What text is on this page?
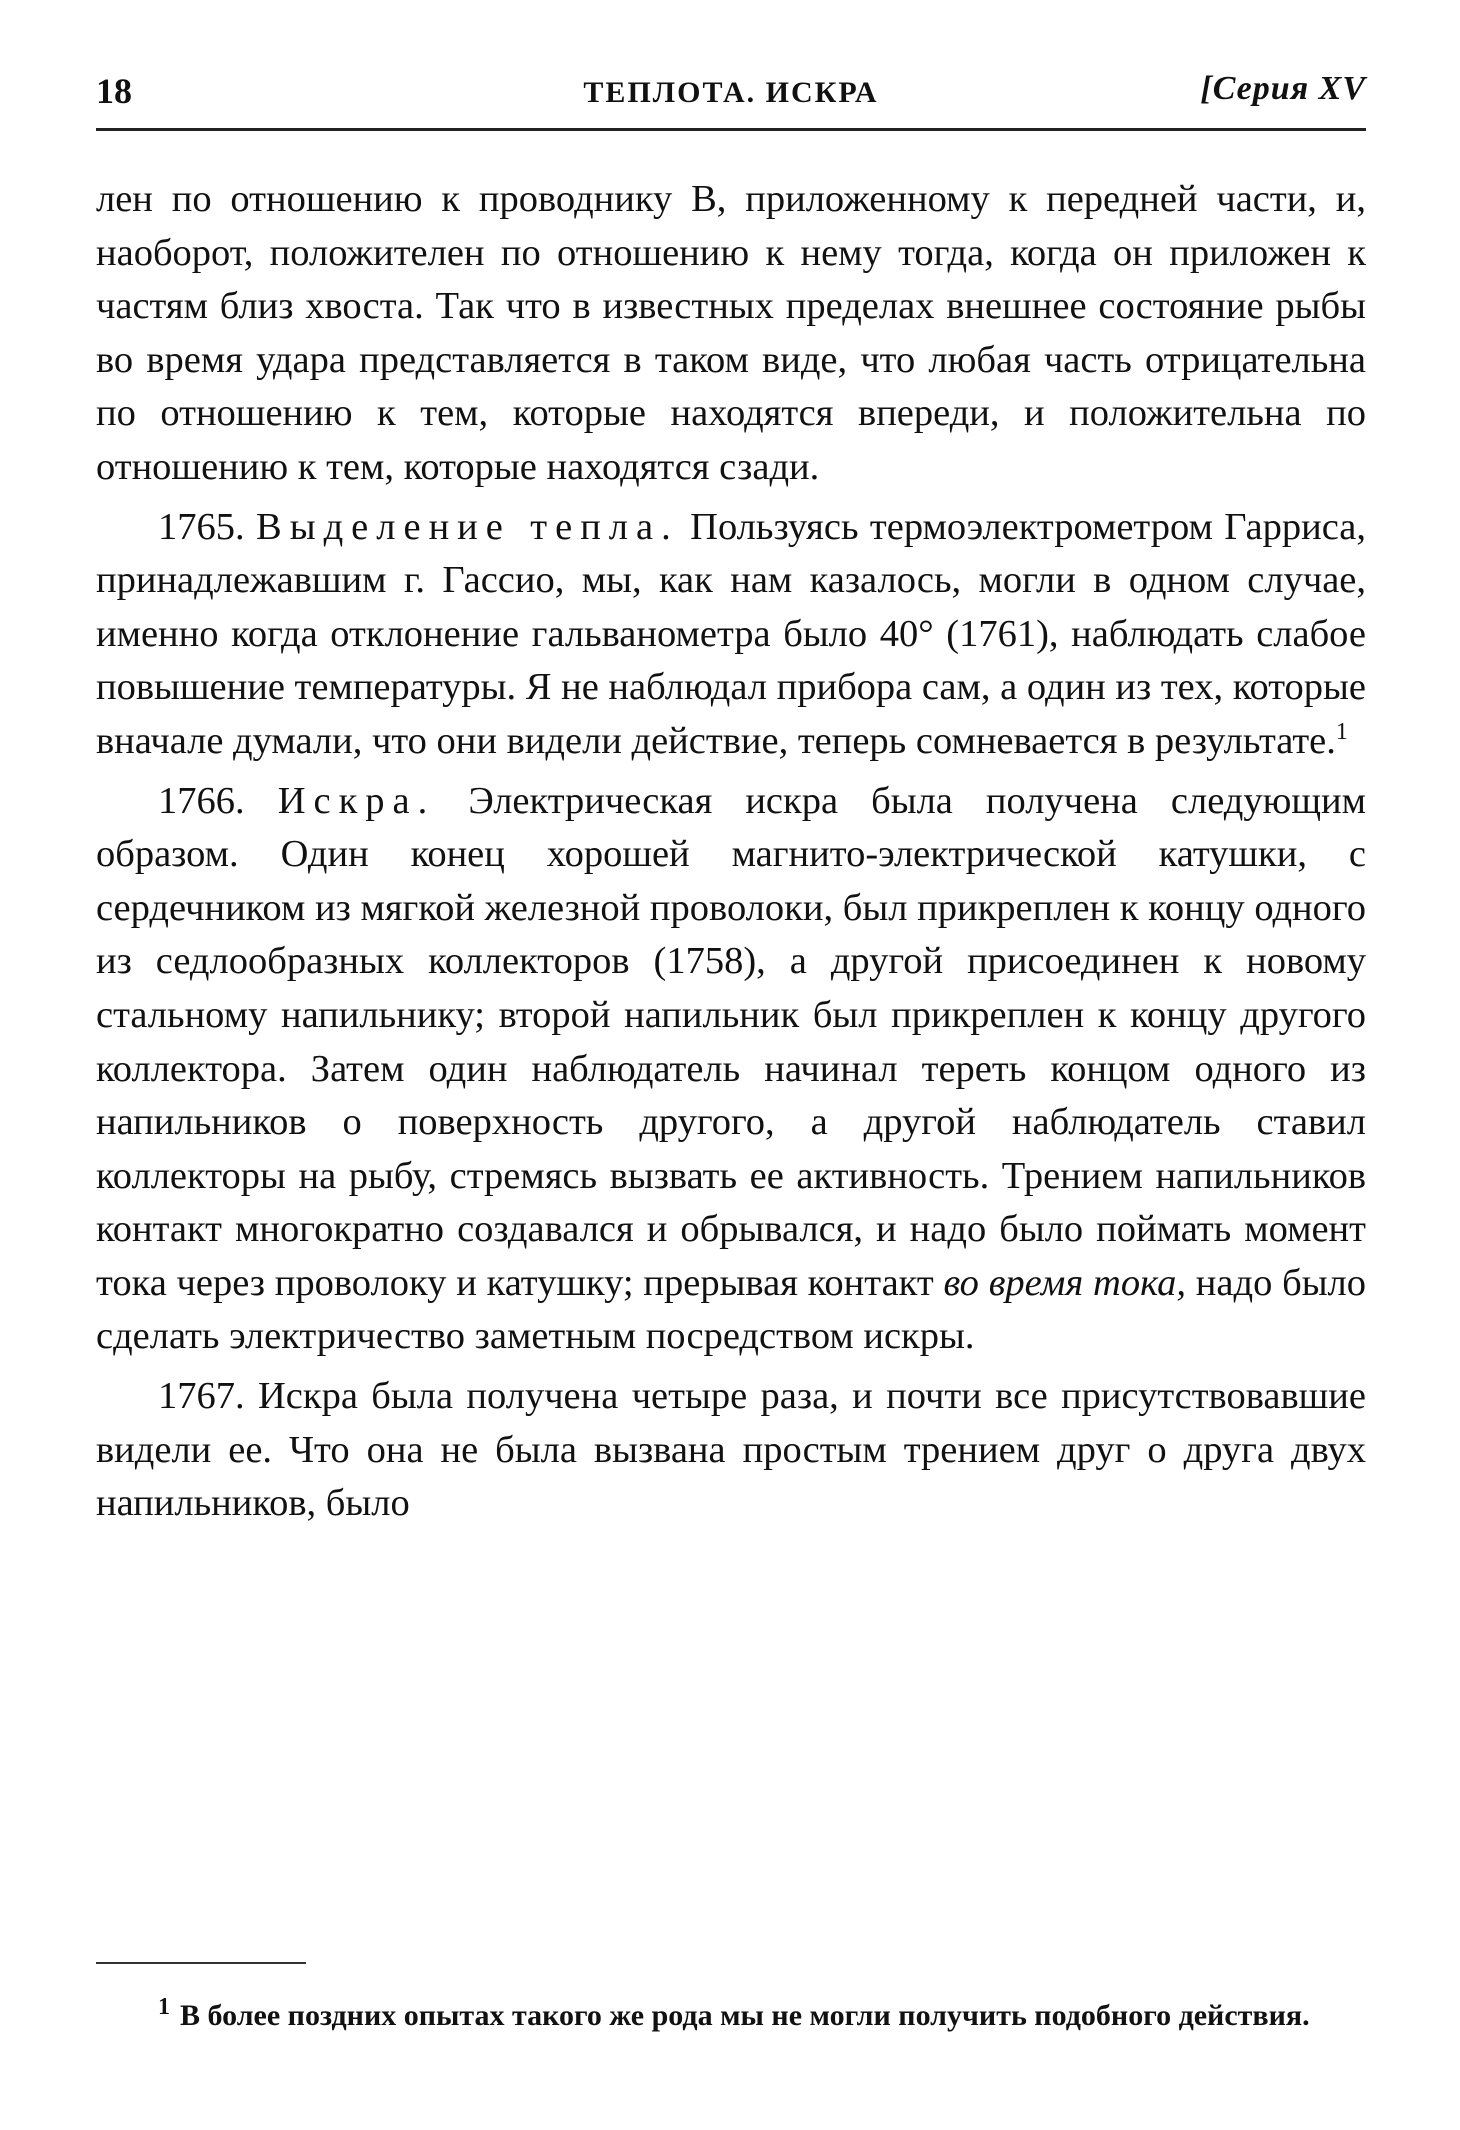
18	ТЕПЛОТА. ИСКРА	[Серия XV

лен по отношению к проводнику В, приложенному к передней части, и, наоборот, положителен по отношению к нему тогда, когда он приложен к частям близ хвоста. Так что в известных пределах внешнее состояние рыбы во время удара представляется в таком виде, что любая часть отрицательна по отношению к тем, которые находятся впереди, и положительна по отношению к тем, которые находятся сзади.

1765. Выделение тепла. Пользуясь термоэлектрометром Гарриса, принадлежавшим г. Гассио, мы, как нам казалось, могли в одном случае, именно когда отклонение гальванометра было 40° (1761), наблюдать слабое повышение температуры. Я не наблюдал прибора сам, а один из тех, которые вначале думали, что они видели действие, теперь сомневается в результате.$^1$

1766. Искра. Электрическая искра была получена следующим образом. Один конец хорошей магнито-электрической катушки, с сердечником из мягкой железной проволоки, был прикреплен к концу одного из седлообразных коллекторов (1758), а другой присоединен к новому стальному напильнику; второй напильник был прикреплен к концу другого коллектора. Затем один наблюдатель начинал тереть концом одного из напильников о поверхность другого, а другой наблюдатель ставил коллекторы на рыбу, стремясь вызвать ее активность. Трением напильников контакт многократно создавался и обрывался, и надо было поймать момент тока через проволоку и катушку; прерывая контакт во время тока, надо было сделать электричество заметным посредством искры.

1767. Искра была получена четыре раза, и почти все присутствовавшие видели ее. Что она не была вызвана простым трением друг о друга двух напильников, было

$^1$ В более поздних опытах такого же рода мы не могли получить подобного действия.
